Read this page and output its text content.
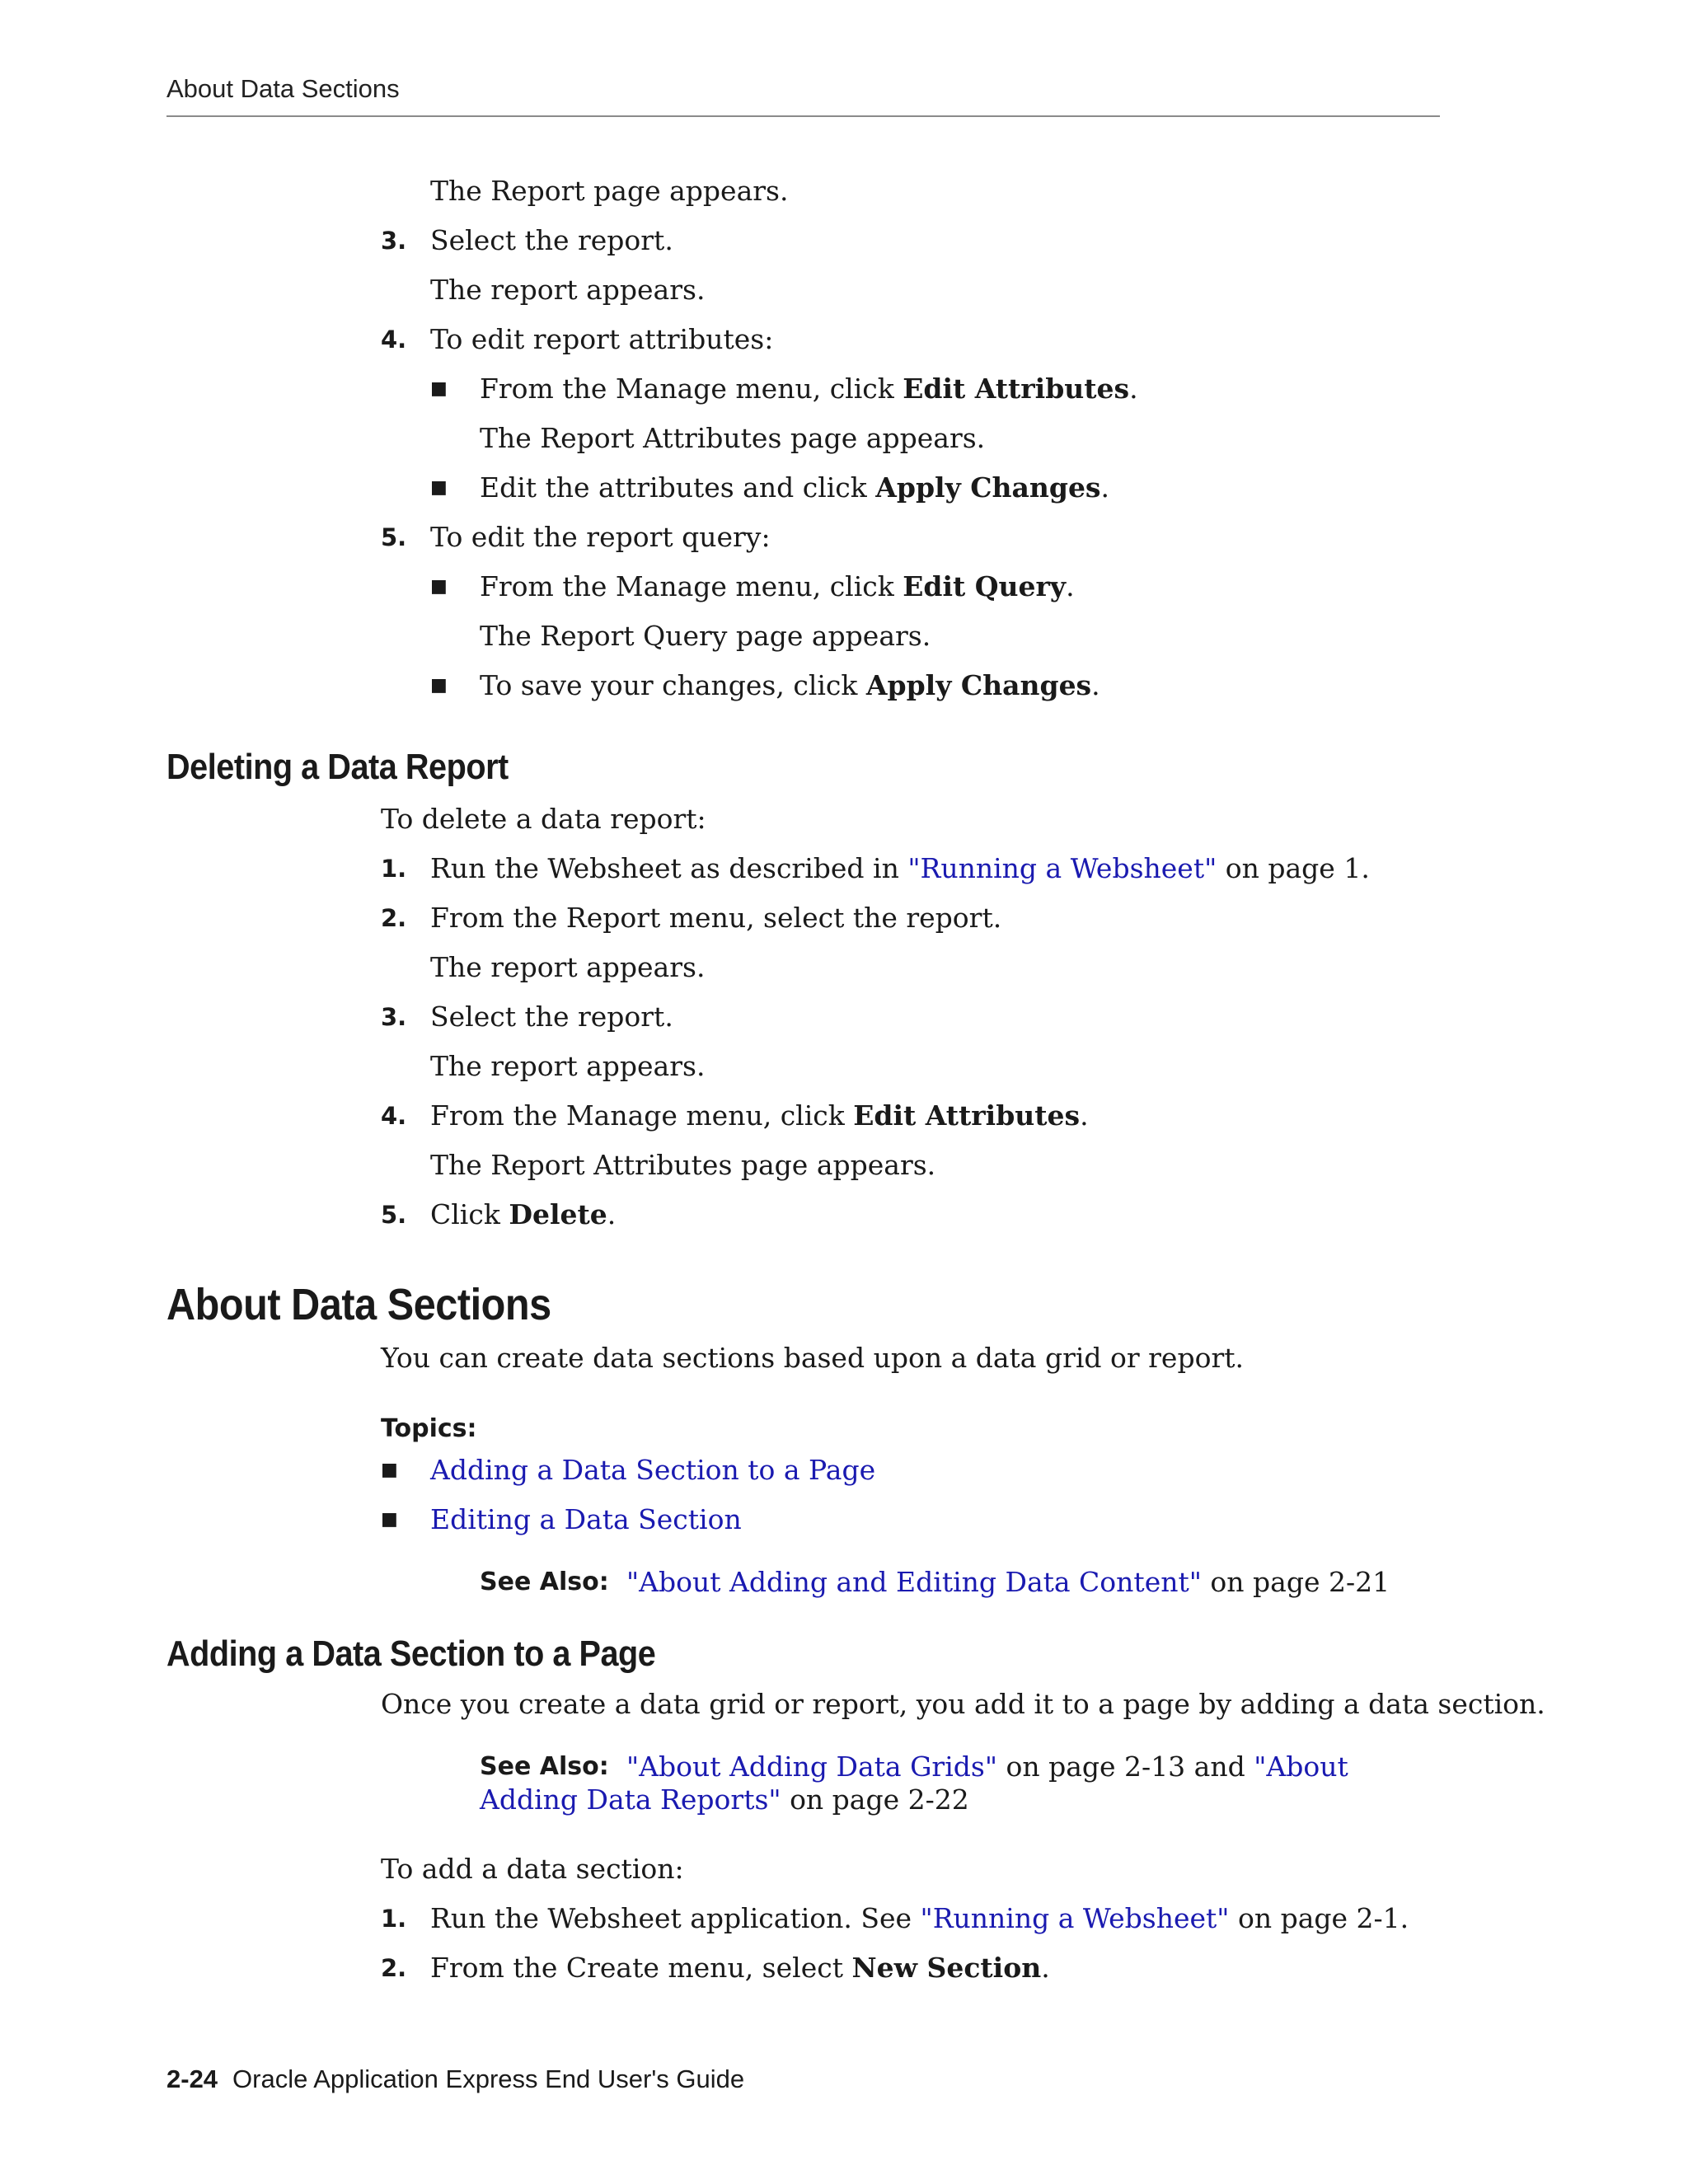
About Data Sections
The Report page appears.
3. Select the report.
The report appears.
4. To edit report attributes:
■ From the Manage menu, click Edit Attributes.
The Report Attributes page appears.
■ Edit the attributes and click Apply Changes.
5. To edit the report query:
■ From the Manage menu, click Edit Query.
The Report Query page appears.
■ To save your changes, click Apply Changes.
Deleting a Data Report
To delete a data report:
1. Run the Websheet as described in "Running a Websheet" on page 1.
2. From the Report menu, select the report.
The report appears.
3. Select the report.
The report appears.
4. From the Manage menu, click Edit Attributes.
The Report Attributes page appears.
5. Click Delete.
About Data Sections
You can create data sections based upon a data grid or report.
Topics:
■ Adding a Data Section to a Page
■ Editing a Data Section
See Also: "About Adding and Editing Data Content" on page 2-21
Adding a Data Section to a Page
Once you create a data grid or report, you add it to a page by adding a data section.
See Also: "About Adding Data Grids" on page 2-13 and "About
Adding Data Reports" on page 2-22
To add a data section:
1. Run the Websheet application. See "Running a Websheet" on page 2-1.
2. From the Create menu, select New Section.
2-24 Oracle Application Express End User's Guide
